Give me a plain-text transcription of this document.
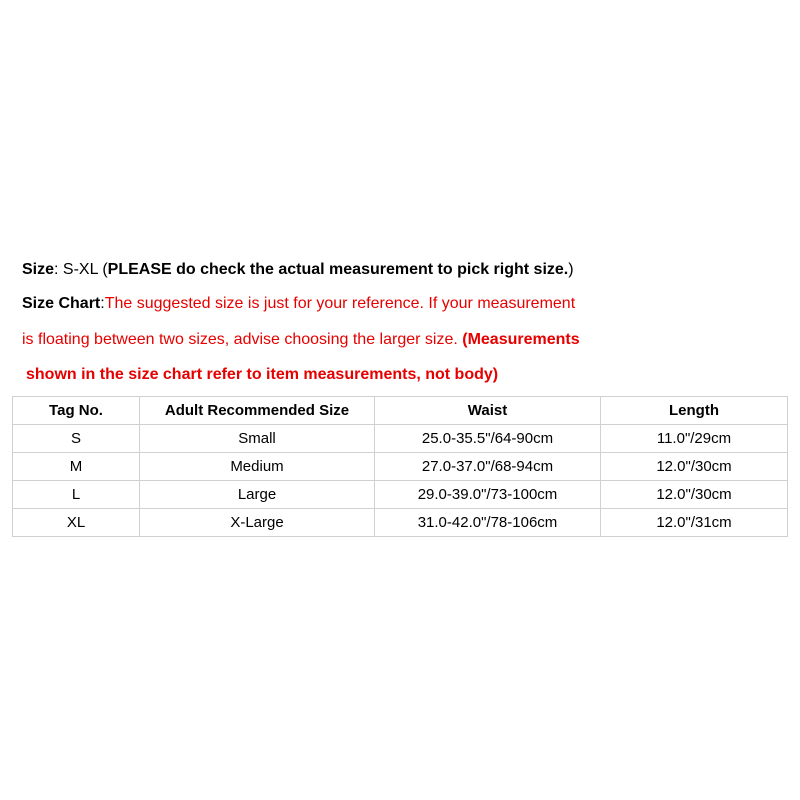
Size: S-XL (PLEASE do check the actual measurement to pick right size.)
Size Chart:The suggested size is just for your reference. If your measurement
is floating between two sizes, advise choosing the larger size. (Measurements
shown in the size chart refer to item measurements, not body)
Tag No.	Adult Recommended Size	Waist	Length
S	Small	25.0-35.5"/64-90cm	11.0"/29cm
M	Medium	27.0-37.0"/68-94cm	12.0"/30cm
L	Large	29.0-39.0"/73-100cm	12.0"/30cm
XL	X-Large	31.0-42.0"/78-106cm	12.0"/31cm
